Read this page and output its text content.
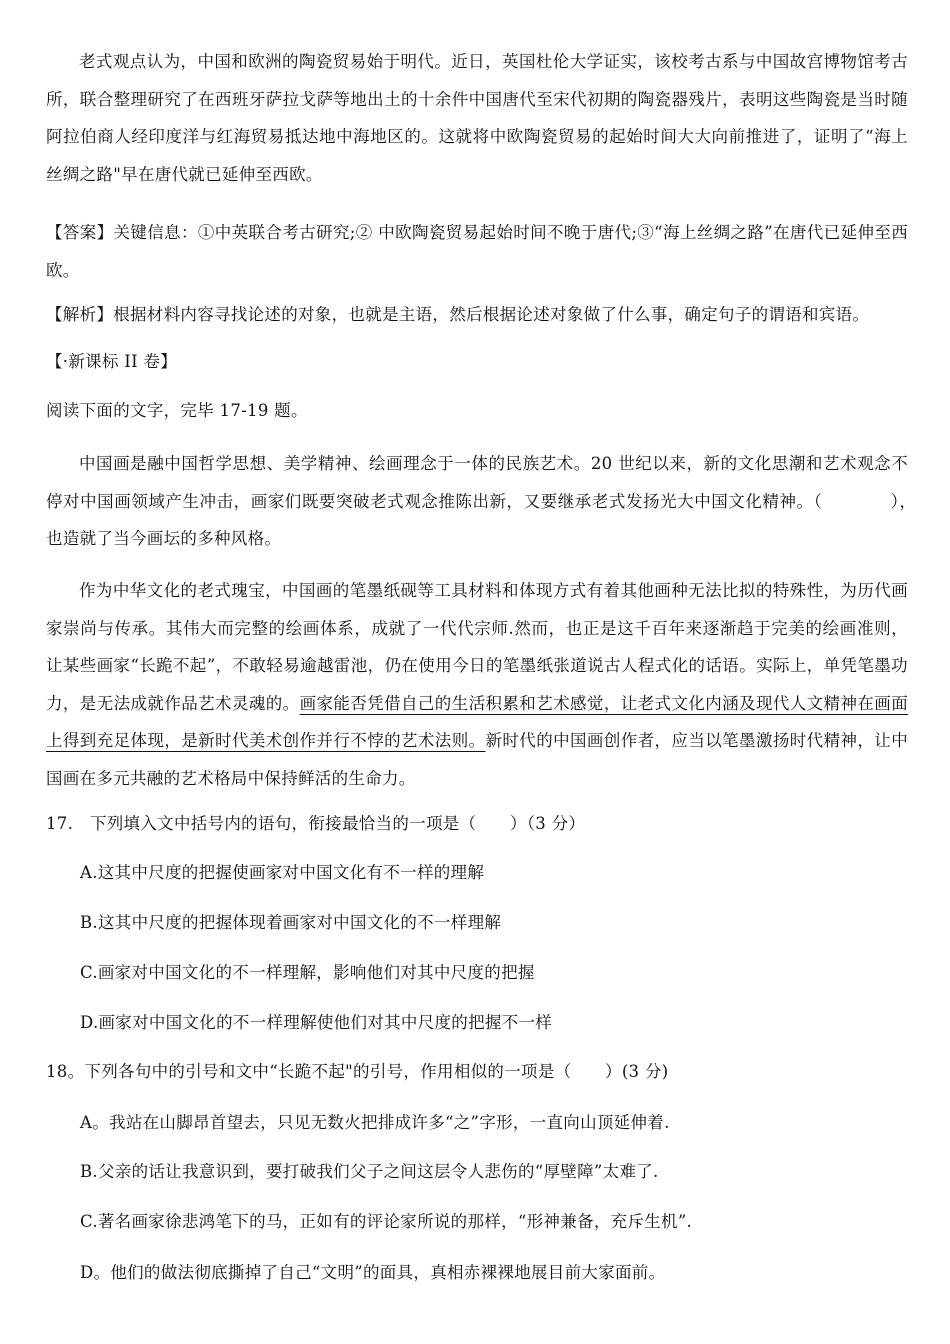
老式观点认为，中国和欧洲的陶瓷贸易始于明代。近日，英国杜伦大学证实，该校考古系与中国故宫博物馆考古所，联合整理研究了在西班牙萨拉戈萨等地出土的十余件中国唐代至宋代初期的陶瓷器残片，表明这些陶瓷是当时随阿拉伯商人经印度洋与红海贸易抵达地中海地区的。这就将中欧陶瓷贸易的起始时间大大向前推进了，证明了“海上丝绸之路"早在唐代就已延伸至西欧。
【答案】关键信息：①中英联合考古研究;② 中欧陶瓷贸易起始时间不晚于唐代;③“海上丝绸之路”在唐代已延伸至西欧。
【解析】根据材料内容寻找论述的对象，也就是主语，然后根据论述对象做了什么事，确定句子的谓语和宾语。
【·新课标 II 卷】
阅读下面的文字，完毕 17-19 题。
中国画是融中国哲学思想、美学精神、绘画理念于一体的民族艺术。20 世纪以来，新的文化思潮和艺术观念不停对中国画领域产生冲击，画家们既要突破老式观念推陈出新，又要继承老式发扬光大中国文化精神。（　　　　），　也造就了当今画坛的多种风格。
作为中华文化的老式瑰宝，中国画的笔墨纸砚等工具材料和体现方式有着其他画种无法比拟的特殊性，为历代画家崇尚与传承。其伟大而完整的绘画体系，成就了一代代宗师.然而，也正是这千百年来逐渐趋于完美的绘画准则，让某些画家“长跪不起”，不敢轻易逾越雷池，仍在使用今日的笔墨纸张道说古人程式化的话语。实际上，单凭笔墨功力，是无法成就作品艺术灵魂的。画家能否凭借自己的生活积累和艺术感觉，让老式文化内涵及现代人文精神在画面上得到充足体现，是新时代美术创作并行不悖的艺术法则。新时代的中国画创作者，应当以笔墨激扬时代精神，让中国画在多元共融的艺术格局中保持鲜活的生命力。
17.　下列填入文中括号内的语句，衔接最恰当的一项是（　　）（3 分）
A.这其中尺度的把握使画家对中国文化有不一样的理解
B.这其中尺度的把握体现着画家对中国文化的不一样理解
C.画家对中国文化的不一样理解，影响他们对其中尺度的把握
D.画家对中国文化的不一样理解使他们对其中尺度的把握不一样
18。下列各句中的引号和文中“长跪不起"的引号，作用相似的一项是（　　）(3 分)
A。我站在山脚昂首望去，只见无数火把排成许多“之”字形，一直向山顶延伸着.
B.父亲的话让我意识到，要打破我们父子之间这层令人悲伤的“厚壁障”太难了.
C.著名画家徐悲鸿笔下的马，正如有的评论家所说的那样，“形神兼备，充斥生机”.
D。他们的做法彻底撕掉了自己“文明”的面具，真相赤裸裸地展目前大家面前。
